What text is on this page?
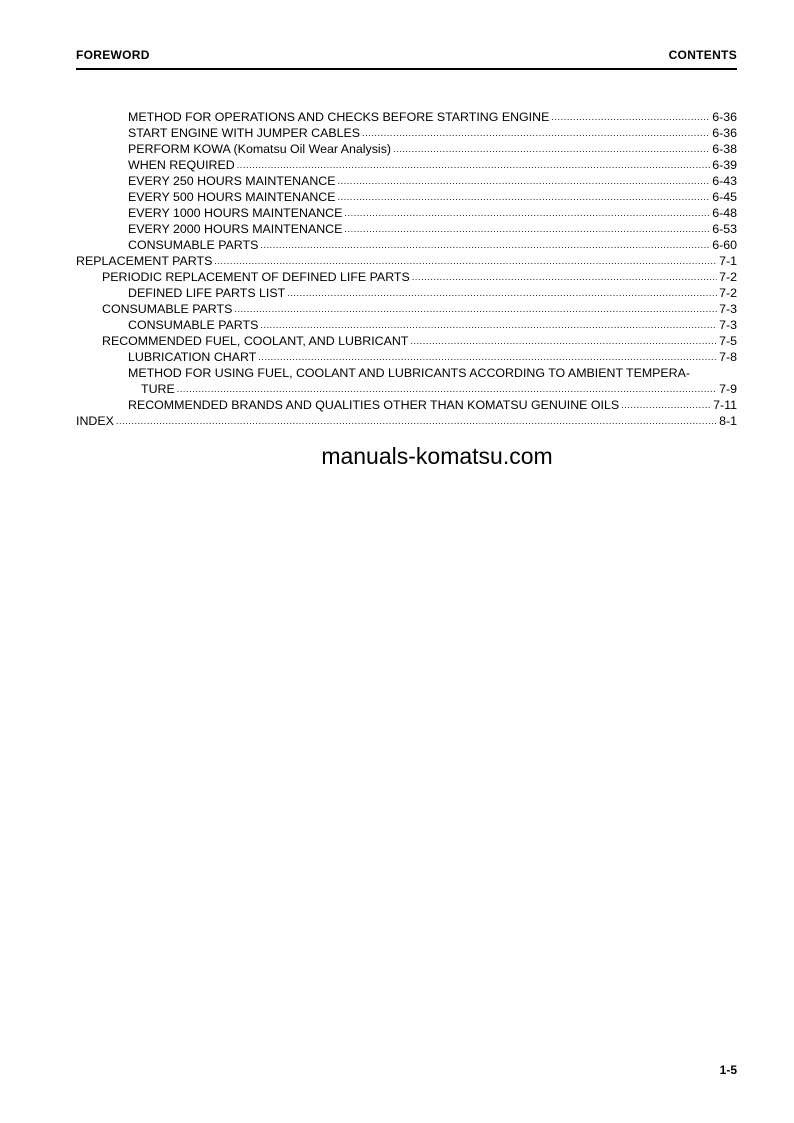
FOREWORD	CONTENTS
METHOD FOR OPERATIONS AND CHECKS BEFORE STARTING ENGINE .....	6-36
START ENGINE WITH JUMPER CABLES .....	6-36
PERFORM KOWA (Komatsu Oil Wear Analysis) .....	6-38
WHEN REQUIRED .....	6-39
EVERY 250 HOURS MAINTENANCE .....	6-43
EVERY 500 HOURS MAINTENANCE .....	6-45
EVERY 1000 HOURS MAINTENANCE .....	6-48
EVERY 2000 HOURS MAINTENANCE .....	6-53
CONSUMABLE PARTS .....	6-60
REPLACEMENT PARTS .....	7-1
PERIODIC REPLACEMENT OF DEFINED LIFE PARTS .....	7-2
DEFINED LIFE PARTS LIST .....	7-2
CONSUMABLE PARTS .....	7-3
CONSUMABLE PARTS .....	7-3
RECOMMENDED FUEL, COOLANT, AND LUBRICANT .....	7-5
LUBRICATION CHART .....	7-8
METHOD FOR USING FUEL, COOLANT AND LUBRICANTS ACCORDING TO AMBIENT TEMPERA-
TURE .....	7-9
RECOMMENDED BRANDS AND QUALITIES OTHER THAN KOMATSU GENUINE OILS .....	7-11
INDEX .....	8-1
manuals-komatsu.com
1-5
